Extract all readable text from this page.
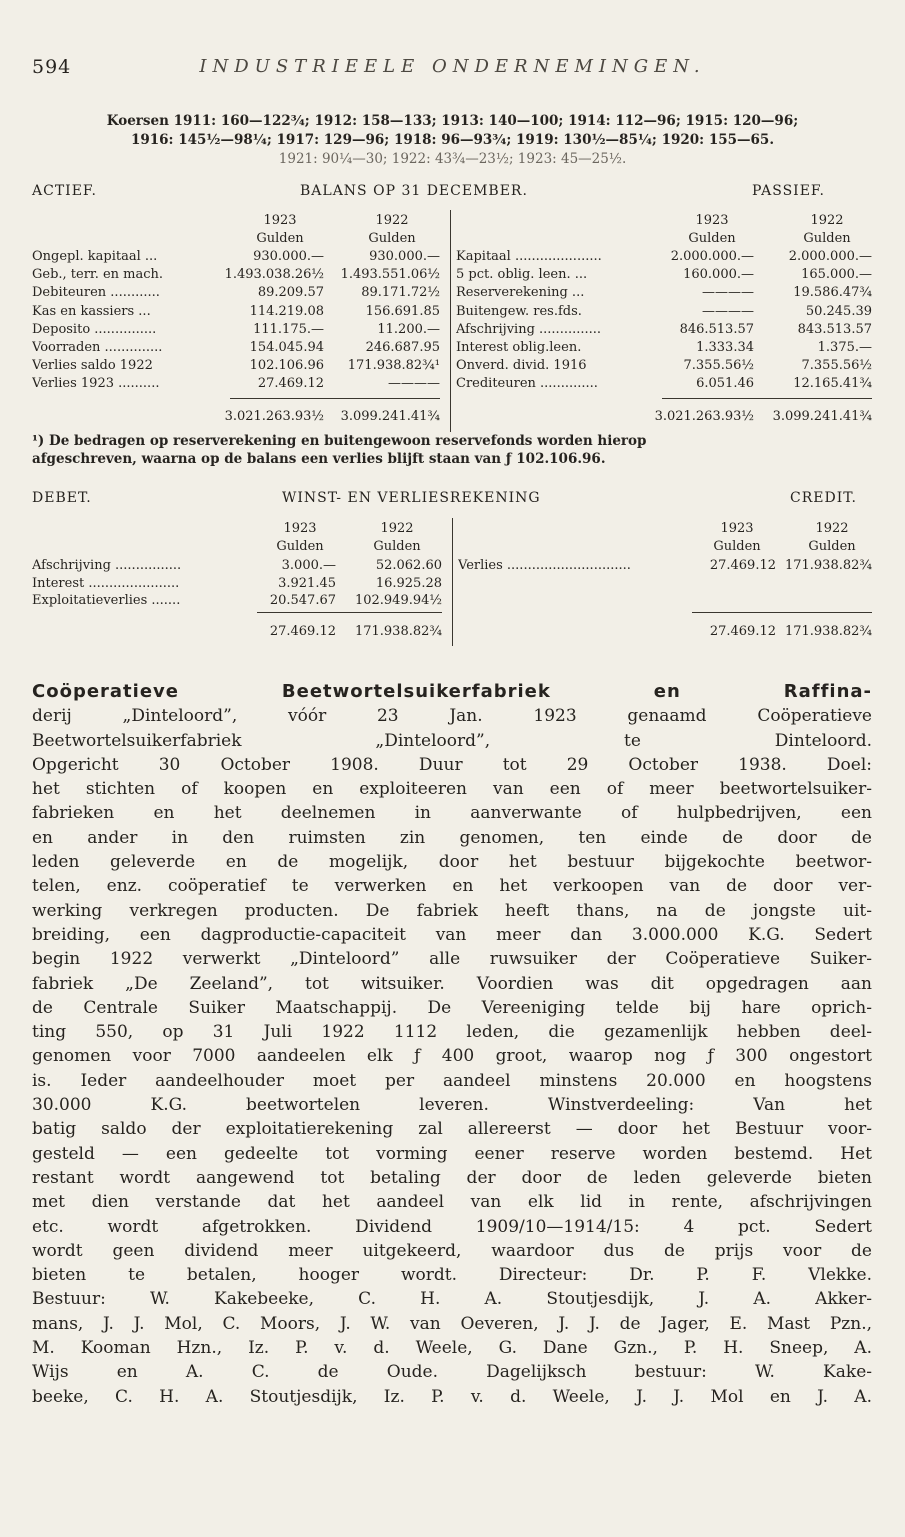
594	INDUSTRIEELE ONDERNEMINGEN.
Koersen 1911: 160—122¾; 1912: 158—133; 1913: 140—100; 1914: 112—96; 1915: 120—96;
1916: 145½—98¼; 1917: 129—96; 1918: 96—93¾; 1919: 130½—85¼; 1920: 155—65.
1921: 90¼—30; 1922: 43¾—23½; 1923: 45—25½.
ACTIEF.	BALANS OP 31 DECEMBER.	PASSIEF.
1923	1922	1923	1922
Gulden	Gulden	Gulden	Gulden
Ongepl. kapitaal ...	930.000.—	930.000.— Kapitaal .....................	2.000.000.—	2.000.000.—
Geb., terr. en mach.	1.493.038.26½	1.493.551.06½ 5 pct. oblig. leen. ...	160.000.—	165.000.—
Debiteuren ............	89.209.57	89.171.72½ Reserverekening ...	————	19.586.47¾
Kas en kassiers ...	114.219.08	156.691.85 Buitengew. res.fds.	————	50.245.39
Deposito ...............	111.175.—	11.200.— Afschrijving ...............	846.513.57	843.513.57
Voorraden ..............	154.045.94	246.687.95 Interest oblig.leen.	1.333.34	1.375.—
Verlies saldo 1922	102.106.96	171.938.82¾¹ Onverd. divid. 1916	7.355.56½	7.355.56½
Verlies 1923 ..........	27.469.12	———— Crediteuren ..............	6.051.46	12.165.41¾
3.021.263.93½	3.099.241.41¾	3.021.263.93½	3.099.241.41¾
¹) De bedragen op reserverekening en buitengewoon reservefonds worden hierop
afgeschreven, waarna op de balans een verlies blijft staan van ƒ 102.106.96.
DEBET.	WINST- EN VERLIESREKENING	CREDIT.
1923	1922	1923	1922
Gulden	Gulden	Gulden	Gulden
Afschrijving ................	3.000.—	52.062.60 Verlies ..............................	27.469.12 171.938.82¾
Interest ......................	3.921.45	16.925.28
Exploitatieverlies .......	20.547.67	102.949.94½
27.469.12	171.938.82¾	27.469.12 171.938.82¾
Coöperatieve Beetwortelsuikerfabriek en Raffina-
derij „Dinteloord”, vóór 23 Jan. 1923 genaamd Coöperatieve
Beetwortelsuikerfabriek „Dinteloord”, te Dinteloord.
Opgericht 30 October 1908. Duur tot 29 October 1938. Doel:
het stichten of koopen en exploiteeren van een of meer beetwortelsuiker-
fabrieken en het deelnemen in aanverwante of hulpbedrijven, een
en ander in den ruimsten zin genomen, ten einde de door de
leden geleverde en de mogelijk, door het bestuur bijgekochte beetwor-
telen, enz. coöperatief te verwerken en het verkoopen van de door ver-
werking verkregen producten. De fabriek heeft thans, na de jongste uit-
breiding, een dagproductie-capaciteit van meer dan 3.000.000 K.G. Sedert
begin 1922 verwerkt „Dinteloord” alle ruwsuiker der Coöperatieve Suiker-
fabriek „De Zeeland”, tot witsuiker. Voordien was dit opgedragen aan
de Centrale Suiker Maatschappij. De Vereeniging telde bij hare oprich-
ting 550, op 31 Juli 1922 1112 leden, die gezamenlijk hebben deel-
genomen voor 7000 aandeelen elk ƒ 400 groot, waarop nog ƒ 300 ongestort
is. Ieder aandeelhouder moet per aandeel minstens 20.000 en hoogstens
30.000 K.G. beetwortelen leveren. Winstverdeeling: Van het
batig saldo der exploitatierekening zal allereerst — door het Bestuur voor-
gesteld — een gedeelte tot vorming eener reserve worden bestemd. Het
restant wordt aangewend tot betaling der door de leden geleverde bieten
met dien verstande dat het aandeel van elk lid in rente, afschrijvingen
etc. wordt afgetrokken. Dividend 1909/10—1914/15: 4 pct. Sedert
wordt geen dividend meer uitgekeerd, waardoor dus de prijs voor de
bieten te betalen, hooger wordt. Directeur: Dr. P. F. Vlekke.
Bestuur: W. Kakebeeke, C. H. A. Stoutjesdijk, J. A. Akker-
mans, J. J. Mol, C. Moors, J. W. van Oeveren, J. J. de Jager, E. Mast Pzn.,
M. Kooman Hzn., Iz. P. v. d. Weele, G. Dane Gzn., P. H. Sneep, A.
Wijs en A. C. de Oude. Dagelijksch bestuur: W. Kake-
beeke, C. H. A. Stoutjesdijk, Iz. P. v. d. Weele, J. J. Mol en J. A.
